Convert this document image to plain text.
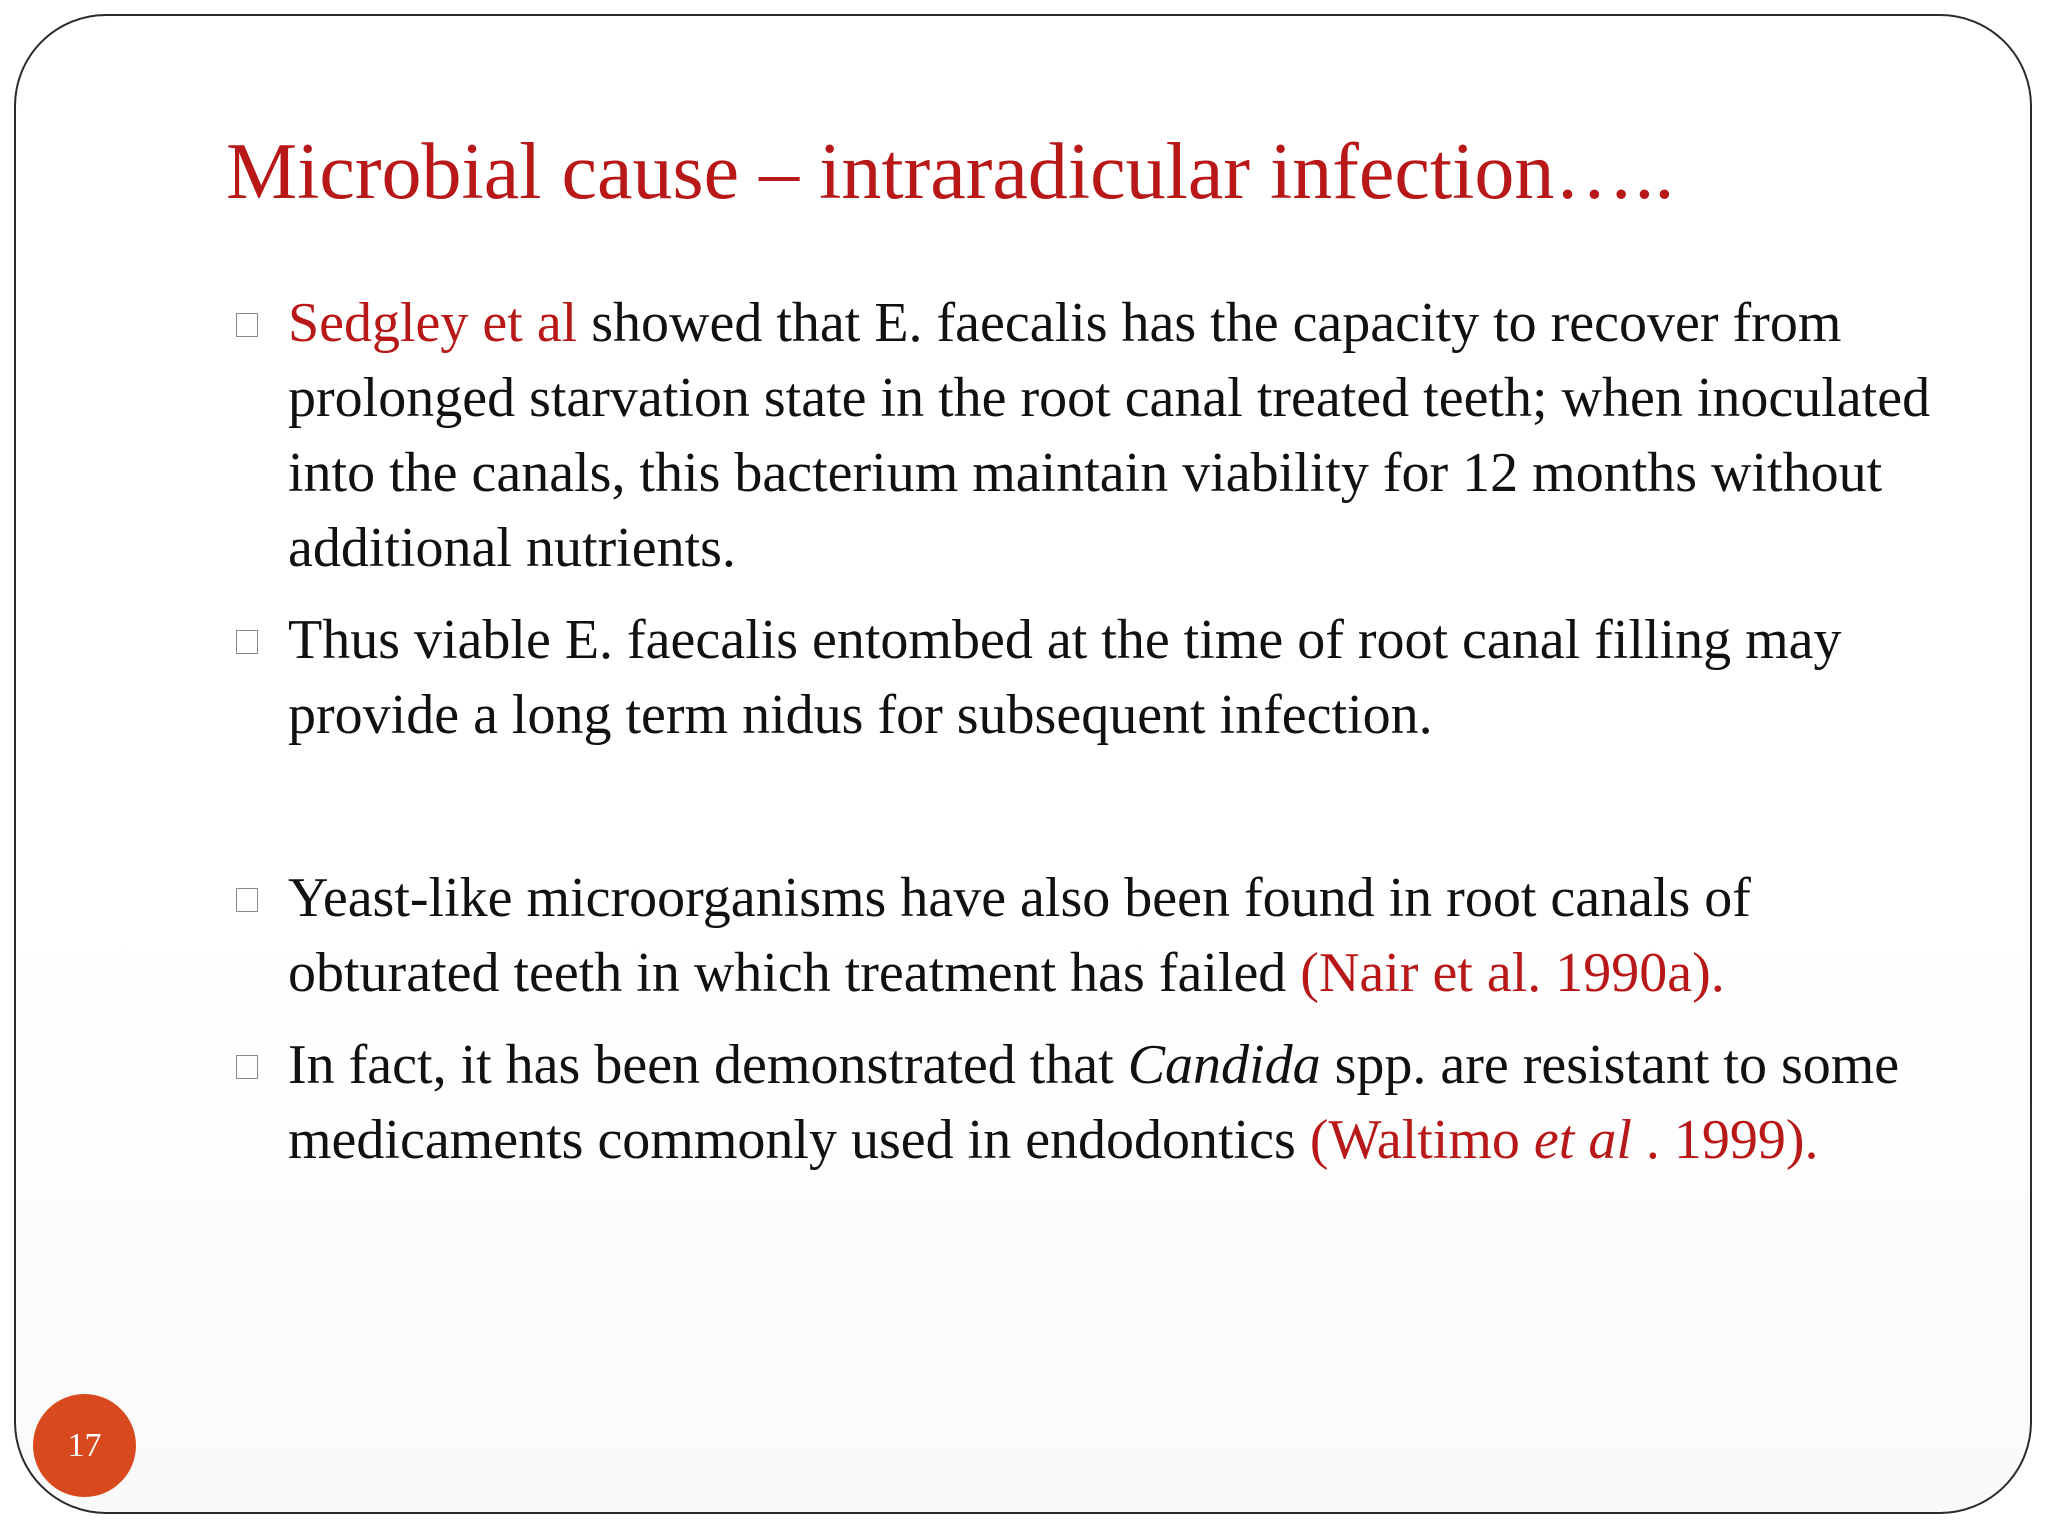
Microbial cause – intraradicular infection…..
Sedgley et al showed that E. faecalis has the capacity to recover from prolonged starvation state in the root canal treated teeth; when inoculated into the canals, this bacterium maintain viability for 12 months without additional nutrients.
Thus viable E. faecalis entombed at the time of root canal filling may provide a long term nidus for subsequent infection.
Yeast-like microorganisms have also been found in root canals of obturated teeth in which treatment has failed (Nair et al. 1990a).
In fact, it has been demonstrated that Candida spp. are resistant to some medicaments commonly used in endodontics (Waltimo et al . 1999).
17
